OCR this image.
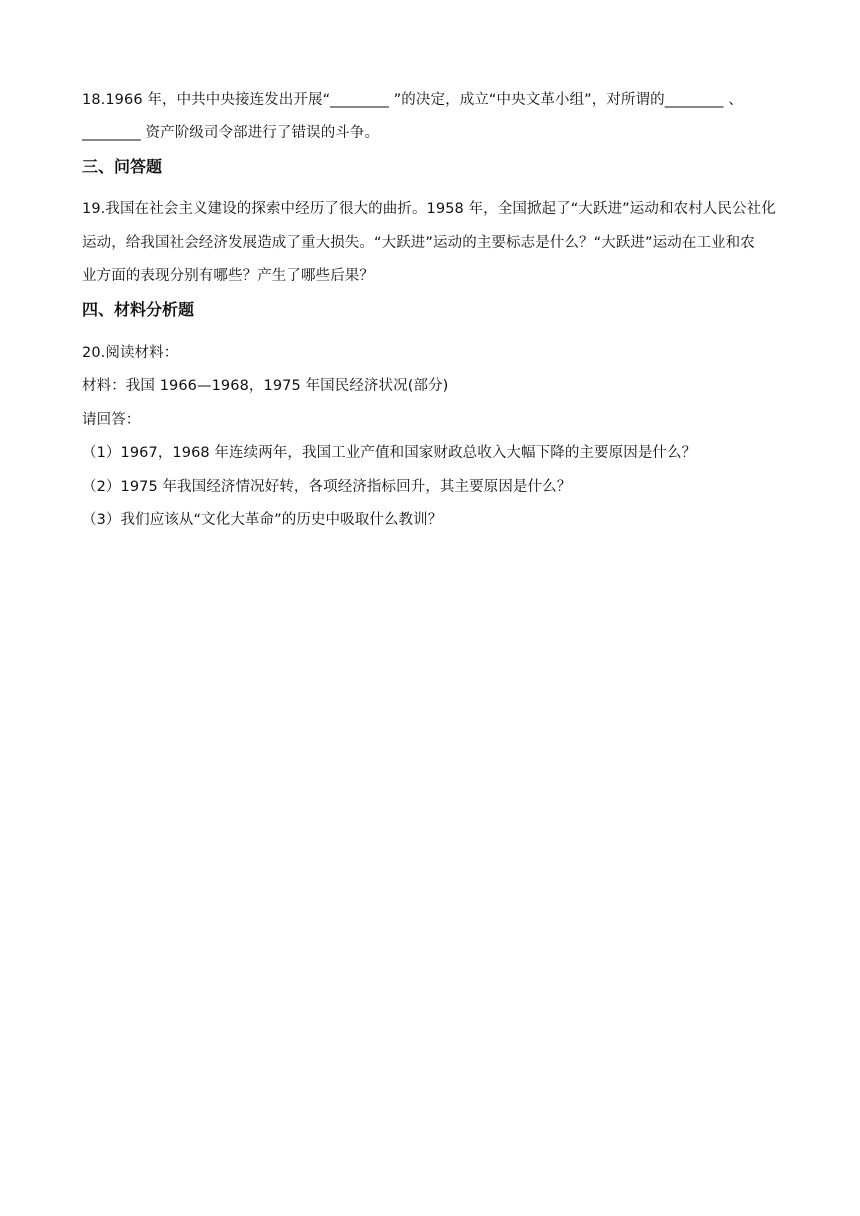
18.1966 年，中共中央接连发出开展“________ ”的决定，成立“中央文革小组”，对所谓的________ 、
________ 资产阶级司令部进行了错误的斗争。
三、问答题
19.我国在社会主义建设的探索中经历了很大的曲折。1958 年，全国掀起了“大跃进”运动和农村人民公社化
运动，给我国社会经济发展造成了重大损失。“大跃进”运动的主要标志是什么？“大跃进”运动在工业和农
业方面的表现分别有哪些？产生了哪些后果？
四、材料分析题
20.阅读材料：
材料：我国 1966—1968，1975 年国民经济状况(部分)
请回答：
（1）1967，1968 年连续两年，我国工业产值和国家财政总收入大幅下降的主要原因是什么？
（2）1975 年我国经济情况好转，各项经济指标回升，其主要原因是什么？
（3）我们应该从“文化大革命”的历史中吸取什么教训？
